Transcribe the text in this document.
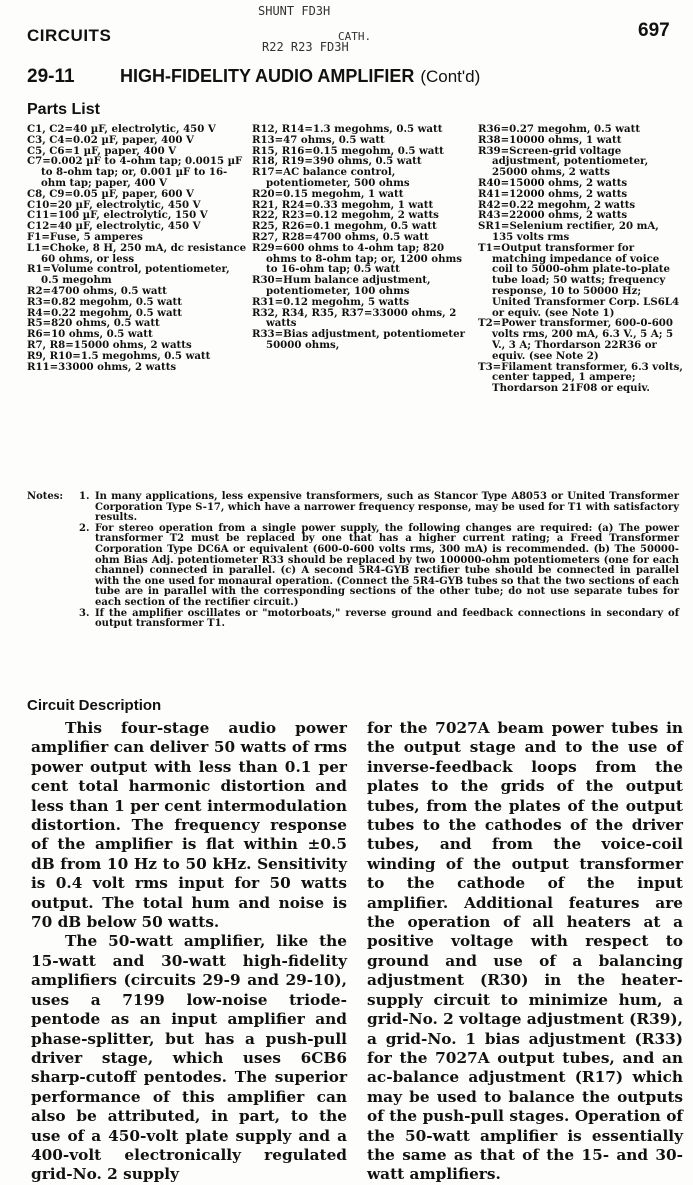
SHUNT FD3H
CATH.
R22 R23 FD3H
CIRCUITS	697
29-11	HIGH-FIDELITY AUDIO AMPLIFIER (Cont'd)
Parts List
C1, C2=40 µF, electrolytic, 450 V
C3, C4=0.02 µF, paper, 400 V
C5, C6=1 µF, paper, 400 V
C7=0.002 µF to 4-ohm tap; 0.0015 µF to 8-ohm tap; or, 0.001 µF to 16-ohm tap; paper, 400 V
C8, C9=0.05 µF, paper, 600 V
C10=20 µF, electrolytic, 450 V
C11=100 µF, electrolytic, 150 V
C12=40 µF, electrolytic, 450 V
F1=Fuse, 5 amperes
L1=Choke, 8 H, 250 mA, dc resistance 60 ohms, or less
R1=Volume control, potentiometer, 0.5 megohm
R2=4700 ohms, 0.5 watt
R3=0.82 megohm, 0.5 watt
R4=0.22 megohm, 0.5 watt
R5=820 ohms, 0.5 watt
R6=10 ohms, 0.5 watt
R7, R8=15000 ohms, 2 watts
R9, R10=1.5 megohms, 0.5 watt
R11=33000 ohms, 2 watts
R12, R14=1.3 megohms, 0.5 watt
R13=47 ohms, 0.5 watt
R15, R16=0.15 megohm, 0.5 watt
R18, R19=390 ohms, 0.5 watt
R17=AC balance control, potentiometer, 500 ohms
R20=0.15 megohm, 1 watt
R21, R24=0.33 megohm, 1 watt
R22, R23=0.12 megohm, 2 watts
R25, R26=0.1 megohm, 0.5 watt
R27, R28=4700 ohms, 0.5 watt
R29=600 ohms to 4-ohm tap; 820 ohms to 8-ohm tap; or, 1200 ohms to 16-ohm tap; 0.5 watt
R30=Hum balance adjustment, potentiometer, 100 ohms
R31=0.12 megohm, 5 watts
R32, R34, R35, R37=33000 ohms, 2 watts
R33=Bias adjustment, potentiometer 50000 ohms,
R36=0.27 megohm, 0.5 watt
R38=10000 ohms, 1 watt
R39=Screen-grid voltage adjustment, potentiometer, 25000 ohms, 2 watts
R40=15000 ohms, 2 watts
R41=12000 ohms, 2 watts
R42=0.22 megohm, 2 watts
R43=22000 ohms, 2 watts
SR1=Selenium rectifier, 20 mA, 135 volts rms
T1=Output transformer for matching impedance of voice coil to 5000-ohm plate-to-plate tube load; 50 watts; frequency response, 10 to 50000 Hz; United Transformer Corp. LS6L4 or equiv. (see Note 1)
T2=Power transformer, 600-0-600 volts rms, 200 mA, 6.3 V., 5 A; 5 V., 3 A; Thordarson 22R36 or equiv. (see Note 2)
T3=Filament transformer, 6.3 volts, center tapped, 1 ampere; Thordarson 21F08 or equiv.
Notes:	1. In many applications, less expensive transformers, such as Stancor Type A8053 or United Transformer Corporation Type S-17, which have a narrower frequency response, may be used for T1 with satisfactory results.
2. For stereo operation from a single power supply, the following changes are required: (a) The power transformer T2 must be replaced by one that has a higher current rating; a Freed Transformer Corporation Type DC6A or equivalent (600-0-600 volts rms, 300 mA) is recommended. (b) The 50000-ohm Bias Adj. potentiometer R33 should be replaced by two 100000-ohm potentiometers (one for each channel) connected in parallel. (c) A second 5R4-GYB rectifier tube should be connected in parallel with the one used for monaural operation. (Connect the 5R4-GYB tubes so that the two sections of each tube are in parallel with the corresponding sections of the other tube; do not use separate tubes for each section of the rectifier circuit.)
3. If the amplifier oscillates or "motorboats," reverse ground and feedback connections in secondary of output transformer T1.
Circuit Description

This four-stage audio power amplifier can deliver 50 watts of rms power output with less than 0.1 per cent total harmonic distortion and less than 1 per cent intermodulation distortion. The frequency response of the amplifier is flat within ±0.5 dB from 10 Hz to 50 kHz. Sensitivity is 0.4 volt rms input for 50 watts output. The total hum and noise is 70 dB below 50 watts.

The 50-watt amplifier, like the 15-watt and 30-watt high-fidelity amplifiers (circuits 29-9 and 29-10), uses a 7199 low-noise triode-pentode as an input amplifier and phase-splitter, but has a push-pull driver stage, which uses 6CB6 sharp-cutoff pentodes. The superior performance of this amplifier can also be attributed, in part, to the use of a 450-volt plate supply and a 400-volt electronically regulated grid-No. 2 supply

for the 7027A beam power tubes in the output stage and to the use of inverse-feedback loops from the plates to the grids of the output tubes, from the plates of the output tubes to the cathodes of the driver tubes, and from the voice-coil winding of the output transformer to the cathode of the input amplifier. Additional features are the operation of all heaters at a positive voltage with respect to ground and use of a balancing adjustment (R30) in the heater-supply circuit to minimize hum, a grid-No. 2 voltage adjustment (R39), a grid-No. 1 bias adjustment (R33) for the 7027A output tubes, and an ac-balance adjustment (R17) which may be used to balance the outputs of the push-pull stages. Operation of the 50-watt amplifier is essentially the same as that of the 15- and 30-watt amplifiers.
